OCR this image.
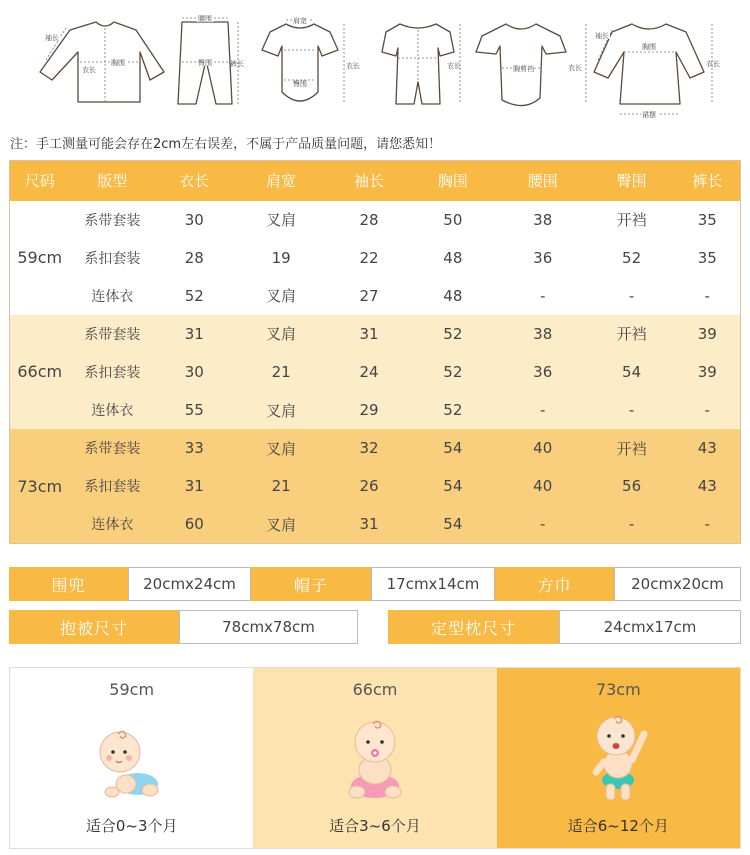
袖长
衣长
胸围
腰围
臀围	裤长
肩宽
臀围
衣长	衣长	胸剪裆	衣长
袖长
胸围
裙摆
衣长
注：手工测量可能会存在2cm左右误差，不属于产品质量问题，请您悉知！
尺码	版型	衣长	肩宽	袖长	胸围	腰围	臀围	裤长
59cm	系带套装	30	叉肩	28	50	38	开裆	35
	系扣套装	28	19	22	48	36	52	35
	连体衣	52	叉肩	27	48	-	-	-
66cm	系带套装	31	叉肩	31	52	38	开裆	39
	系扣套装	30	21	24	52	36	54	39
	连体衣	55	叉肩	29	52	-	-	-
73cm	系带套装	33	叉肩	32	54	40	开裆	43
	系扣套装	31	21	26	54	40	56	43
	连体衣	60	叉肩	31	54	-	-	-
围兜	20cmx24cm	帽子	17cmx14cm	方巾	20cmx20cm
抱被尺寸	78cmx78cm	定型枕尺寸	24cmx17cm
59cm
适合0~3个月
66cm
适合3~6个月
73cm
适合6~12个月
